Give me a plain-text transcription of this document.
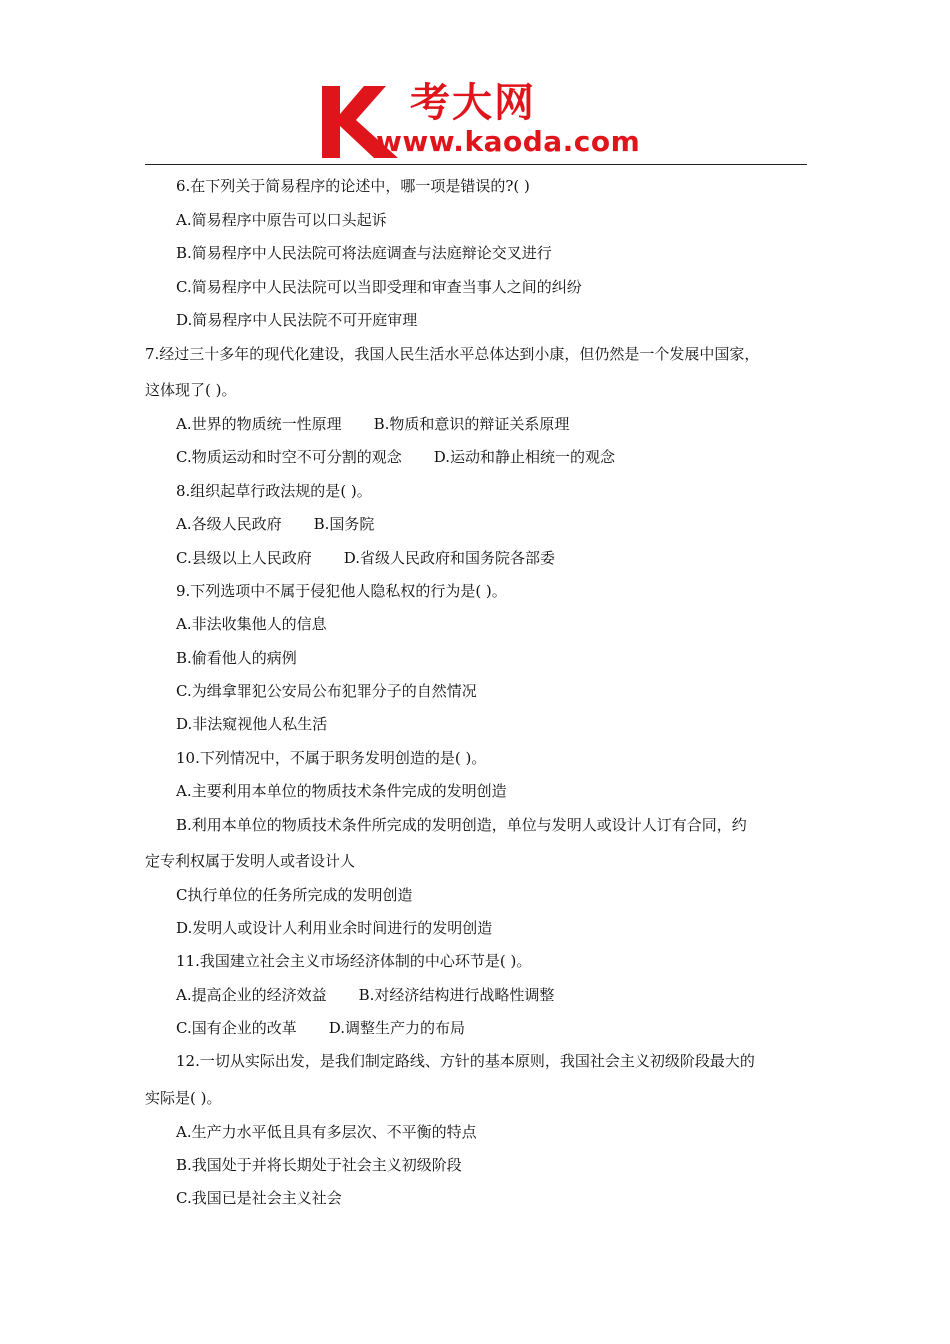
考大网
www.kaoda.com
6.在下列关于简易程序的论述中，哪一项是错误的?( )
A.简易程序中原告可以口头起诉
B.简易程序中人民法院可将法庭调查与法庭辩论交叉进行
C.简易程序中人民法院可以当即受理和审查当事人之间的纠纷
D.简易程序中人民法院不可开庭审理
7.经过三十多年的现代化建设，我国人民生活水平总体达到小康，但仍然是一个发展中国家，
这体现了( )。
A.世界的物质统一性原理 B.物质和意识的辩证关系原理
C.物质运动和时空不可分割的观念 D.运动和静止相统一的观念
8.组织起草行政法规的是( )。
A.各级人民政府 B.国务院
C.县级以上人民政府 D.省级人民政府和国务院各部委
9.下列选项中不属于侵犯他人隐私权的行为是( )。
A.非法收集他人的信息
B.偷看他人的病例
C.为缉拿罪犯公安局公布犯罪分子的自然情况
D.非法窥视他人私生活
10.下列情况中，不属于职务发明创造的是( )。
A.主要利用本单位的物质技术条件完成的发明创造
B.利用本单位的物质技术条件所完成的发明创造，单位与发明人或设计人订有合同，约
定专利权属于发明人或者设计人
C执行单位的任务所完成的发明创造
D.发明人或设计人利用业余时间进行的发明创造
11.我国建立社会主义市场经济体制的中心环节是( )。
A.提高企业的经济效益 B.对经济结构进行战略性调整
C.国有企业的改革 D.调整生产力的布局
12.一切从实际出发，是我们制定路线、方针的基本原则，我国社会主义初级阶段最大的
实际是( )。
A.生产力水平低且具有多层次、不平衡的特点
B.我国处于并将长期处于社会主义初级阶段
C.我国已是社会主义社会
